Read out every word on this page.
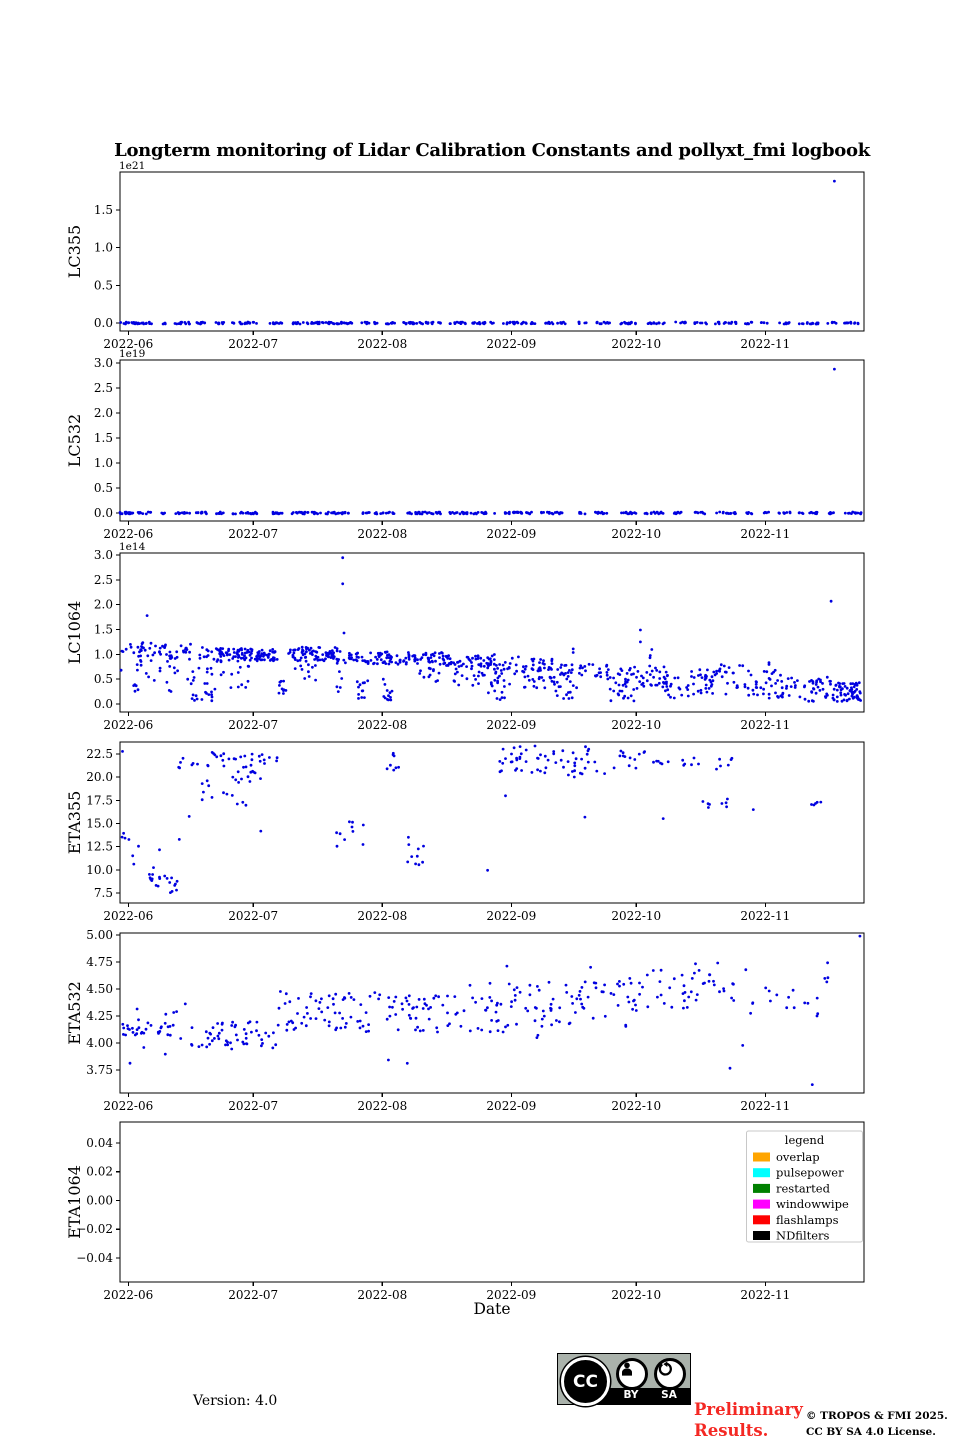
0.0
0.5
1.0
1.5
2022-06	2022-07	2022-08	2022-09	2022-10	2022-11
1e21
LC355
0.0
0.5
1.0
1.5
2.0
2.5
3.0
2022-06	2022-07	2022-08	2022-09	2022-10	2022-11
1e19
LC532
0.0
0.5
1.0
1.5
2.0
2.5
3.0
2022-06	2022-07	2022-08	2022-09	2022-10	2022-11
1e14
LC1064
7.5
10.0
12.5
15.0
17.5
20.0
22.5
2022-06	2022-07	2022-08	2022-09	2022-10	2022-11
ETA355
3.75
4.00
4.25
4.50
4.75
5.00
2022-06	2022-07	2022-08	2022-09	2022-10	2022-11
ETA532
−0.04
−0.02
0.00
0.02
0.04
2022-06	2022-07	2022-08	2022-09	2022-10	2022-11
ETA1064
legend
overlap
pulsepower
restarted
windowwipe
flashlamps
NDfilters
Longterm monitoring of Lidar Calibration Constants and pollyxt_fmi logbook
Date
Version: 4.0
CC
BY	SA
Preliminary
Results.
© TROPOS & FMI 2025.
CC BY SA 4.0 License.
